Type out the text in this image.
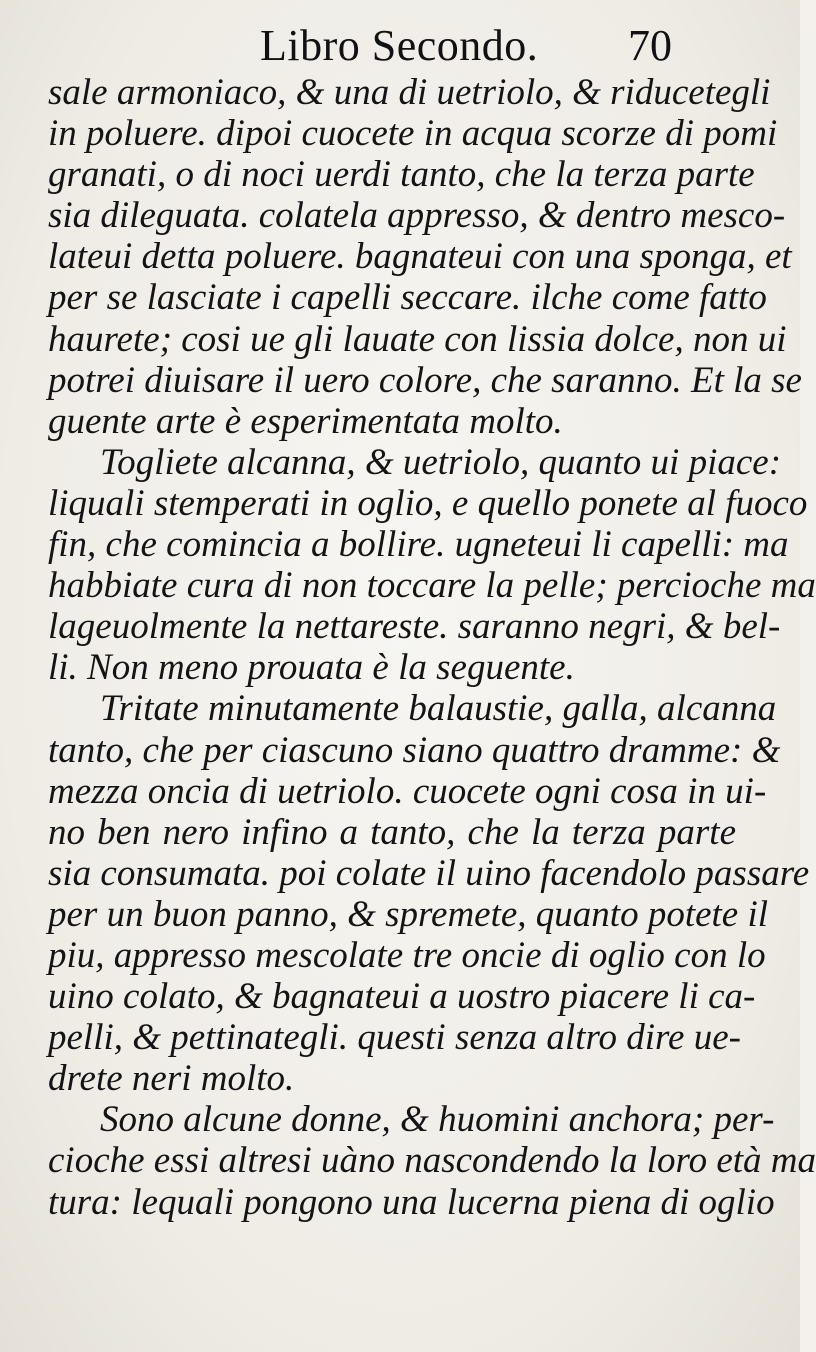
Libro Secondo. 70
sale armoniaco, & una di uetriolo, & riducetegli
in poluere. dipoi cuocete in acqua scorze di pomi
granati, o di noci uerdi tanto, che la terza parte
sia dileguata. colatela appresso, & dentro mesco-
lateui detta poluere. bagnateui con una sponga, et
per se lasciate i capelli seccare. ilche come fatto
haurete; cosi ue gli lauate con lissia dolce, non ui
potrei diuisare il uero colore, che saranno. Et la se
guente arte è esperimentata molto.
Togliete alcanna, & uetriolo, quanto ui piace:
liquali stemperati in oglio, e quello ponete al fuoco
fin, che comincia a bollire. ugneteui li capelli: ma
habbiate cura di non toccare la pelle; percioche ma
lageuolmente la nettareste. saranno negri, & bel-
li. Non meno prouata è la seguente.
Tritate minutamente balaustie, galla, alcanna
tanto, che per ciascuno siano quattro dramme: &
mezza oncia di uetriolo. cuocete ogni cosa in ui-
no ben nero infino a tanto, che la terza parte
sia consumata. poi colate il uino facendolo passare
per un buon panno, & spremete, quanto potete il
piu, appresso mescolate tre oncie di oglio con lo
uino colato, & bagnateui a uostro piacere li ca-
pelli, & pettinategli. questi senza altro dire ue-
drete neri molto.
Sono alcune donne, & huomini anchora; per-
cioche essi altresi uàno nascondendo la loro età ma
tura: lequali pongono una lucerna piena di oglio
